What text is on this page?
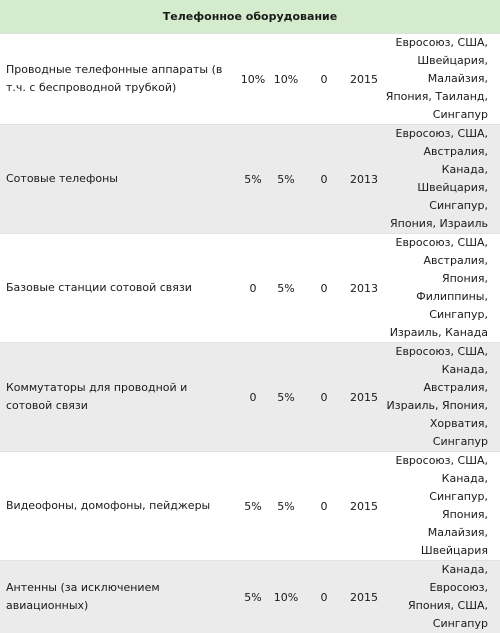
Телефонное оборудование					
Проводные телефонные аппараты (в т.ч. с беспроводной трубкой)	10%	10%	0	2015	Евросоюз, США, Швейцария, Малайзия, Япония, Таиланд, Сингапур
Сотовые телефоны	5%	5%	0	2013	Евросоюз, США, Австралия, Канада, Швейцария, Сингапур, Япония, Израиль
Базовые станции сотовой связи	0	5%	0	2013	Евросоюз, США, Австралия, Япония, Филиппины, Сингапур, Израиль, Канада
Коммутаторы для проводной и сотовой связи	0	5%	0	2015	Евросоюз, США, Канада, Австралия, Израиль, Япония, Хорватия, Сингапур
Видеофоны, домофоны, пейджеры	5%	5%	0	2015	Евросоюз, США, Канада, Сингапур, Япония, Малайзия, Швейцария
Антенны (за исключением авиационных)	5%	10%	0	2015	Канада, Евросоюз, Япония, США, Сингапур
